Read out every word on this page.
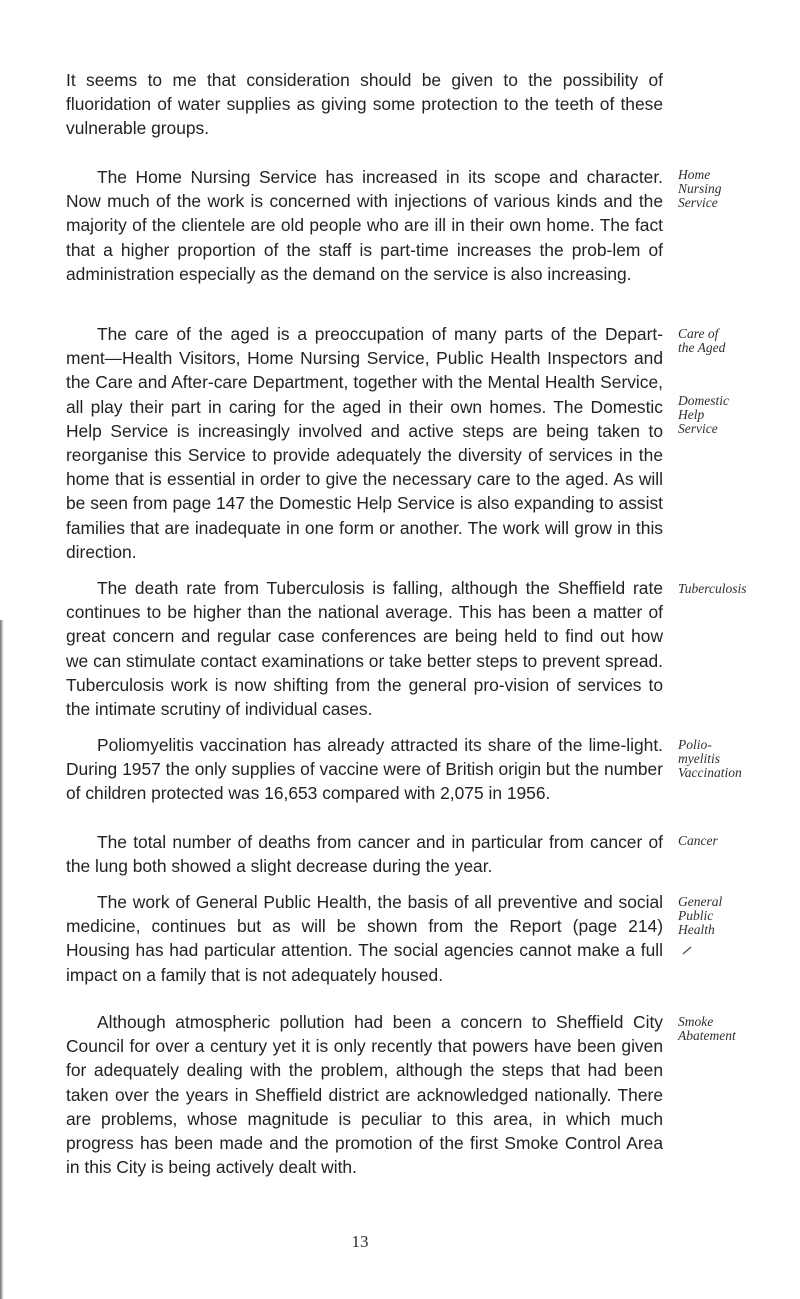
It seems to me that consideration should be given to the possibility of fluoridation of water supplies as giving some protection to the teeth of these vulnerable groups.

The Home Nursing Service has increased in its scope and character. Now much of the work is concerned with injections of various kinds and the majority of the clientele are old people who are ill in their own home. The fact that a higher proportion of the staff is part-time increases the prob-lem of administration especially as the demand on the service is also increasing.

The care of the aged is a preoccupation of many parts of the Depart-ment—Health Visitors, Home Nursing Service, Public Health Inspectors and the Care and After-care Department, together with the Mental Health Service, all play their part in caring for the aged in their own homes. The Domestic Help Service is increasingly involved and active steps are being taken to reorganise this Service to provide adequately the diversity of services in the home that is essential in order to give the necessary care to the aged. As will be seen from page 147 the Domestic Help Service is also expanding to assist families that are inadequate in one form or another. The work will grow in this direction.

The death rate from Tuberculosis is falling, although the Sheffield rate continues to be higher than the national average. This has been a matter of great concern and regular case conferences are being held to find out how we can stimulate contact examinations or take better steps to prevent spread. Tuberculosis work is now shifting from the general pro-vision of services to the intimate scrutiny of individual cases.

Poliomyelitis vaccination has already attracted its share of the lime-light. During 1957 the only supplies of vaccine were of British origin but the number of children protected was 16,653 compared with 2,075 in 1956.

The total number of deaths from cancer and in particular from cancer of the lung both showed a slight decrease during the year.

The work of General Public Health, the basis of all preventive and social medicine, continues but as will be shown from the Report (page 214) Housing has had particular attention. The social agencies cannot make a full impact on a family that is not adequately housed.

Although atmospheric pollution had been a concern to Sheffield City Council for over a century yet it is only recently that powers have been given for adequately dealing with the problem, although the steps that had been taken over the years in Sheffield district are acknowledged nationally. There are problems, whose magnitude is peculiar to this area, in which much progress has been made and the promotion of the first Smoke Control Area in this City is being actively dealt with.

Home
Nursing
Service
Care of
the Aged
Domestic
Help
Service
Tuberculosis
Polio-
myelitis
Vaccination
Cancer
General
Public
Health
Smoke
Abatement
13
